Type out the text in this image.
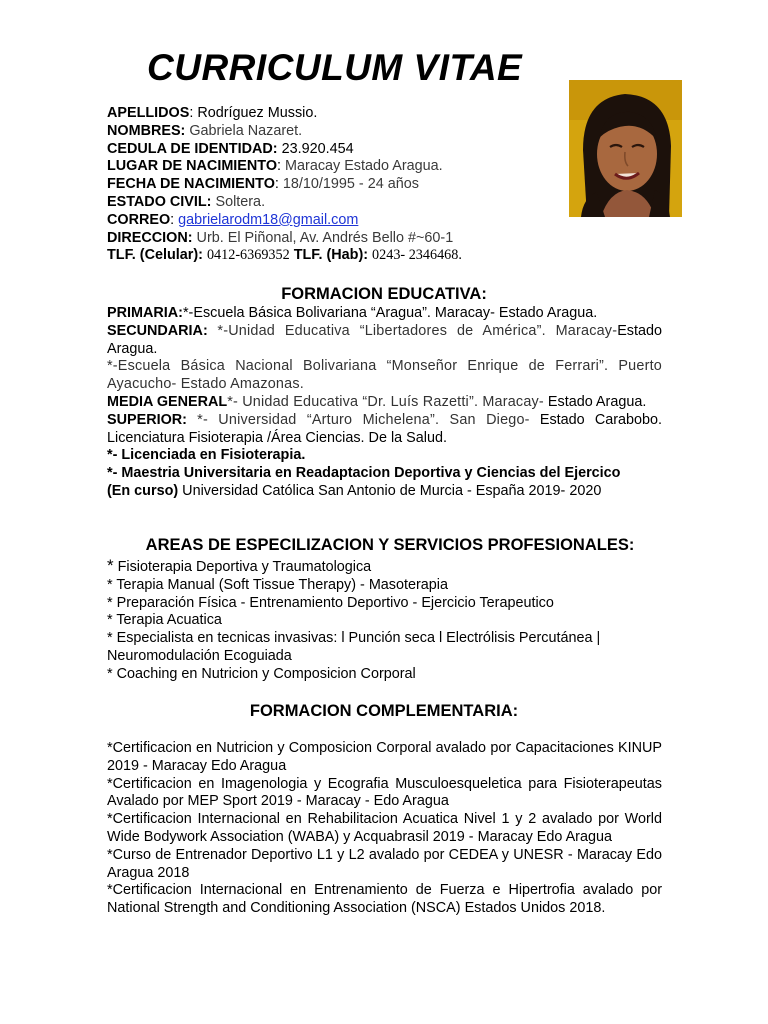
CURRICULUM VITAE
APELLIDOS: Rodríguez Mussio.
NOMBRES: Gabriela Nazaret.
CEDULA DE IDENTIDAD: 23.920.454
LUGAR DE NACIMIENTO: Maracay Estado Aragua.
FECHA DE NACIMIENTO: 18/10/1995 - 24 años
ESTADO CIVIL: Soltera.
CORREO: gabrielarodm18@gmail.com
DIRECCION: Urb. El Piñonal, Av. Andrés Bello #~60-1
TLF. (Celular): 0412-6369352 TLF. (Hab): 0243- 2346468.
FORMACION EDUCATIVA:
PRIMARIA:*-Escuela Básica Bolivariana “Aragua”. Maracay- Estado Aragua.
SECUNDARIA: *-Unidad Educativa “Libertadores de América”. Maracay-Estado Aragua.
*-Escuela Básica Nacional Bolivariana “Monseñor Enrique de Ferrari”. Puerto Ayacucho- Estado Amazonas.
MEDIA GENERAL*- Unidad Educativa “Dr. Luís Razetti”. Maracay- Estado Aragua.
SUPERIOR: *- Universidad “Arturo Michelena”. San Diego- Estado Carabobo. Licenciatura Fisioterapia /Área Ciencias. De la Salud.
*- Licenciada en Fisioterapia.
*- Maestria Universitaria en Readaptacion Deportiva y Ciencias del Ejercico
(En curso) Universidad Católica San Antonio de Murcia - España 2019- 2020
AREAS DE ESPECILIZACION Y SERVICIOS PROFESIONALES:
* Fisioterapia Deportiva y Traumatologica
* Terapia Manual (Soft Tissue Therapy) - Masoterapia
* Preparación Física - Entrenamiento Deportivo - Ejercicio Terapeutico
* Terapia Acuatica
* Especialista en tecnicas invasivas: l Punción seca l Electrólisis Percutánea | Neuromodulación Ecoguiada
* Coaching en Nutricion y Composicion Corporal
FORMACION COMPLEMENTARIA:
*Certificacion en Nutricion y Composicion Corporal avalado por Capacitaciones KINUP 2019 - Maracay Edo Aragua
*Certificacion en Imagenologia y Ecografia Musculoesqueletica para Fisioterapeutas Avalado por MEP Sport 2019 - Maracay - Edo Aragua
*Certificacion Internacional en Rehabilitacion Acuatica Nivel 1 y 2 avalado por World Wide Bodywork Association (WABA) y Acquabrasil 2019 - Maracay Edo Aragua
*Curso de Entrenador Deportivo L1 y L2 avalado por CEDEA y UNESR - Maracay Edo Aragua 2018
*Certificacion Internacional en Entrenamiento de Fuerza e Hipertrofia avalado por National Strength and Conditioning Association (NSCA) Estados Unidos 2018.
